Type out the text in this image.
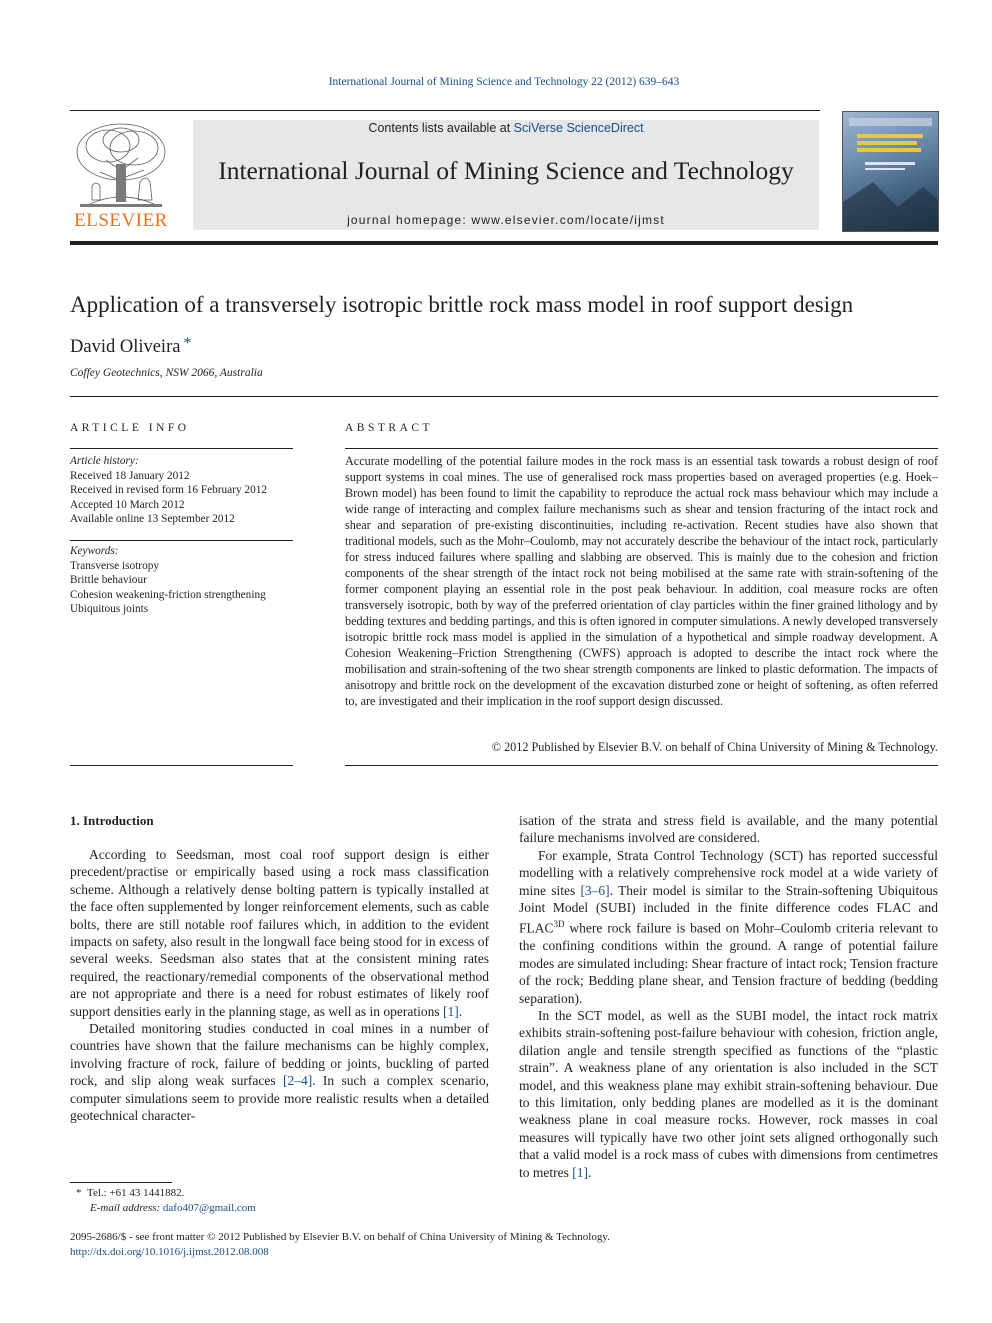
International Journal of Mining Science and Technology 22 (2012) 639–643
ELSEVIER
Contents lists available at SciVerse ScienceDirect
International Journal of Mining Science and Technology
journal homepage: www.elsevier.com/locate/ijmst
Application of a transversely isotropic brittle rock mass model in roof support design
David Oliveira *
Coffey Geotechnics, NSW 2066, Australia
ARTICLE INFO	ABSTRACT
Article history:
Received 18 January 2012
Received in revised form 16 February 2012
Accepted 10 March 2012
Available online 13 September 2012
Keywords:
Transverse isotropy
Brittle behaviour
Cohesion weakening-friction strengthening
Ubiquitous joints
Accurate modelling of the potential failure modes in the rock mass is an essential task towards a robust design of roof support systems in coal mines. The use of generalised rock mass properties based on averaged properties (e.g. Hoek–Brown model) has been found to limit the capability to reproduce the actual rock mass behaviour which may include a wide range of interacting and complex failure mechanisms such as shear and tension fracturing of the intact rock and shear and separation of pre-existing discontinuities, including re-activation. Recent studies have also shown that traditional models, such as the Mohr–Coulomb, may not accurately describe the behaviour of the intact rock, particularly for stress induced failures where spalling and slabbing are observed. This is mainly due to the cohesion and friction components of the shear strength of the intact rock not being mobilised at the same rate with strain-softening of the former component playing an essential role in the post peak behaviour. In addition, coal measure rocks are often transversely isotropic, both by way of the preferred orientation of clay particles within the finer grained lithology and by bedding textures and bedding partings, and this is often ignored in computer simulations. A newly developed transversely isotropic brittle rock mass model is applied in the simulation of a hypothetical and simple roadway development. A Cohesion Weakening–Friction Strengthening (CWFS) approach is adopted to describe the intact rock where the mobilisation and strain-softening of the two shear strength components are linked to plastic deformation. The impacts of anisotropy and brittle rock on the development of the excavation disturbed zone or height of softening, as often referred to, are investigated and their implication in the roof support design discussed.
© 2012 Published by Elsevier B.V. on behalf of China University of Mining & Technology.
1. Introduction

According to Seedsman, most coal roof support design is either precedent/practise or empirically based using a rock mass classification scheme. Although a relatively dense bolting pattern is typically installed at the face often supplemented by longer reinforcement elements, such as cable bolts, there are still notable roof failures which, in addition to the evident impacts on safety, also result in the longwall face being stood for in excess of several weeks. Seedsman also states that at the consistent mining rates required, the reactionary/remedial components of the observational method are not appropriate and there is a need for robust estimates of likely roof support densities early in the planning stage, as well as in operations [1].

Detailed monitoring studies conducted in coal mines in a number of countries have shown that the failure mechanisms can be highly complex, involving fracture of rock, failure of bedding or joints, buckling of parted rock, and slip along weak surfaces [2–4]. In such a complex scenario, computer simulations seem to provide more realistic results when a detailed geotechnical character-

isation of the strata and stress field is available, and the many potential failure mechanisms involved are considered.

For example, Strata Control Technology (SCT) has reported successful modelling with a relatively comprehensive rock model at a wide variety of mine sites [3–6]. Their model is similar to the Strain-softening Ubiquitous Joint Model (SUBI) included in the finite difference codes FLAC and $FLAC^{3D}$ where rock failure is based on Mohr–Coulomb criteria relevant to the confining conditions within the ground. A range of potential failure modes are simulated including: Shear fracture of intact rock; Tension fracture of the rock; Bedding plane shear, and Tension fracture of bedding (bedding separation).

In the SCT model, as well as the SUBI model, the intact rock matrix exhibits strain-softening post-failure behaviour with cohesion, friction angle, dilation angle and tensile strength specified as functions of the “plastic strain”. A weakness plane of any orientation is also included in the SCT model, and this weakness plane may exhibit strain-softening behaviour. Due to this limitation, only bedding planes are modelled as it is the dominant weakness plane in coal measure rocks. However, rock masses in coal measures will typically have two other joint sets aligned orthogonally such that a valid model is a rock mass of cubes with dimensions from centimetres to metres [1].

* Tel.: +61 43 1441882.
E-mail address: dafo407@gmail.com
2095-2686/$ - see front matter © 2012 Published by Elsevier B.V. on behalf of China University of Mining & Technology.
http://dx.doi.org/10.1016/j.ijmst.2012.08.008
